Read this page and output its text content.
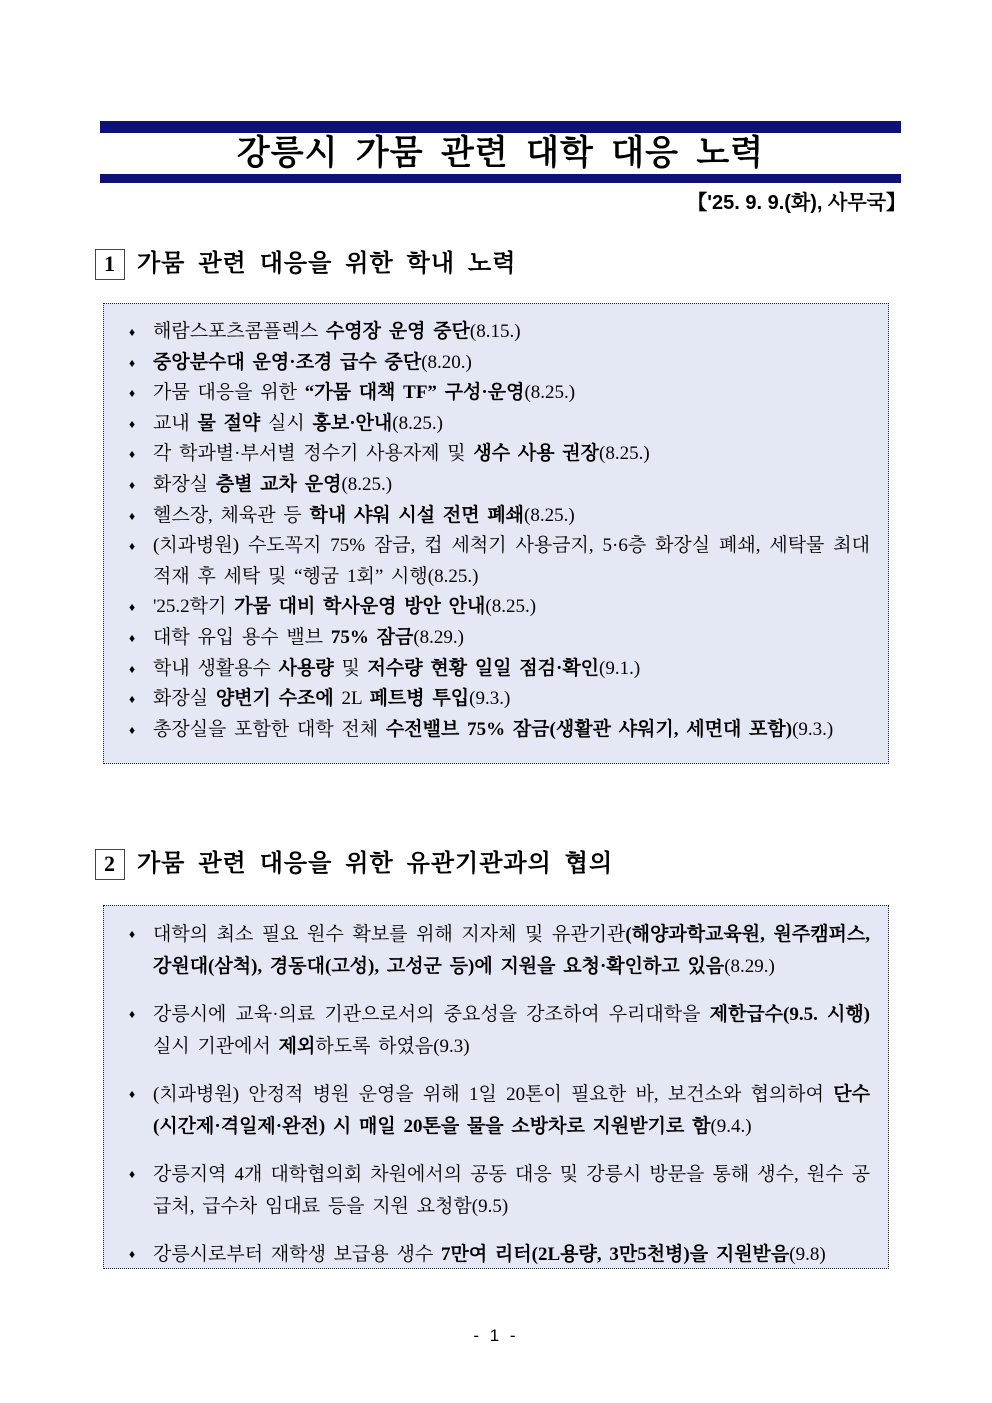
강릉시 가뭄 관련 대학 대응 노력
【'25. 9. 9.(화), 사무국】
1 가뭄 관련 대응을 위한 학내 노력
♦ 해람스포츠콤플렉스 수영장 운영 중단(8.15.)
♦ 중앙분수대 운영·조경 급수 중단(8.20.)
♦ 가뭄 대응을 위한 “가뭄 대책 TF” 구성·운영(8.25.)
♦ 교내 물 절약 실시 홍보·안내(8.25.)
♦ 각 학과별·부서별 정수기 사용자제 및 생수 사용 권장(8.25.)
♦ 화장실 층별 교차 운영(8.25.)
♦ 헬스장, 체육관 등 학내 샤워 시설 전면 폐쇄(8.25.)
♦ (치과병원) 수도꼭지 75% 잠금, 컵 세척기 사용금지, 5·6층 화장실 폐쇄, 세탁물 최대 적재 후 세탁 및 “헹굼 1회” 시행(8.25.)
♦ '25.2학기 가뭄 대비 학사운영 방안 안내(8.25.)
♦ 대학 유입 용수 밸브 75% 잠금(8.29.)
♦ 학내 생활용수 사용량 및 저수량 현황 일일 점검·확인(9.1.)
♦ 화장실 양변기 수조에 2L 페트병 투입(9.3.)
♦ 총장실을 포함한 대학 전체 수전밸브 75% 잠금(생활관 샤워기, 세면대 포함)(9.3.)
2 가뭄 관련 대응을 위한 유관기관과의 협의
♦ 대학의 최소 필요 원수 확보를 위해 지자체 및 유관기관(해양과학교육원, 원주캠퍼스, 강원대(삼척), 경동대(고성), 고성군 등)에 지원을 요청·확인하고 있음(8.29.)
♦ 강릉시에 교육·의료 기관으로서의 중요성을 강조하여 우리대학을 제한급수(9.5. 시행) 실시 기관에서 제외하도록 하였음(9.3)
♦ (치과병원) 안정적 병원 운영을 위해 1일 20톤이 필요한 바, 보건소와 협의하여 단수(시간제·격일제·완전) 시 매일 20톤을 물을 소방차로 지원받기로 함(9.4.)
♦ 강릉지역 4개 대학협의회 차원에서의 공동 대응 및 강릉시 방문을 통해 생수, 원수 공급처, 급수차 임대료 등을 지원 요청함(9.5)
♦ 강릉시로부터 재학생 보급용 생수 7만여 리터(2L용량, 3만5천병)을 지원받음(9.8)
- 1 -
